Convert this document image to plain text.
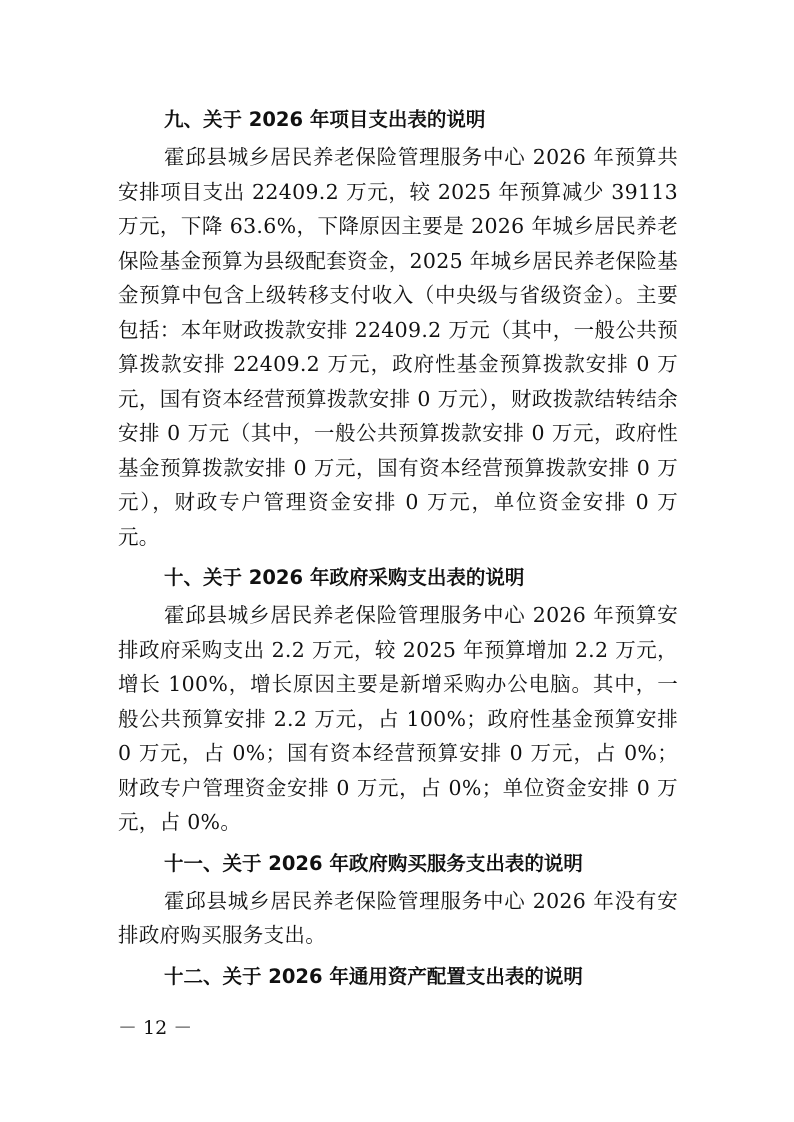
九、关于 2026 年项目支出表的说明

霍邱县城乡居民养老保险管理服务中心 2026 年预算共安排项目支出 22409.2 万元，较 2025 年预算减少 39113 万元，下降 63.6%，下降原因主要是 2026 年城乡居民养老保险基金预算为县级配套资金，2025 年城乡居民养老保险基金预算中包含上级转移支付收入（中央级与省级资金）。主要包括：本年财政拨款安排 22409.2 万元（其中，一般公共预算拨款安排 22409.2 万元，政府性基金预算拨款安排 0 万元，国有资本经营预算拨款安排 0 万元），财政拨款结转结余安排 0 万元（其中，一般公共预算拨款安排 0 万元，政府性基金预算拨款安排 0 万元，国有资本经营预算拨款安排 0 万元），财政专户管理资金安排 0 万元，单位资金安排 0 万元。

十、关于 2026 年政府采购支出表的说明

霍邱县城乡居民养老保险管理服务中心 2026 年预算安排政府采购支出 2.2 万元，较 2025 年预算增加 2.2 万元，增长 100%，增长原因主要是新增采购办公电脑。其中，一般公共预算安排 2.2 万元，占 100%；政府性基金预算安排 0 万元，占 0%；国有资本经营预算安排 0 万元，占 0%；财政专户管理资金安排 0 万元，占 0%；单位资金安排 0 万元，占 0%。

十一、关于 2026 年政府购买服务支出表的说明

霍邱县城乡居民养老保险管理服务中心 2026 年没有安排政府购买服务支出。

十二、关于 2026 年通用资产配置支出表的说明
－ 12 －
